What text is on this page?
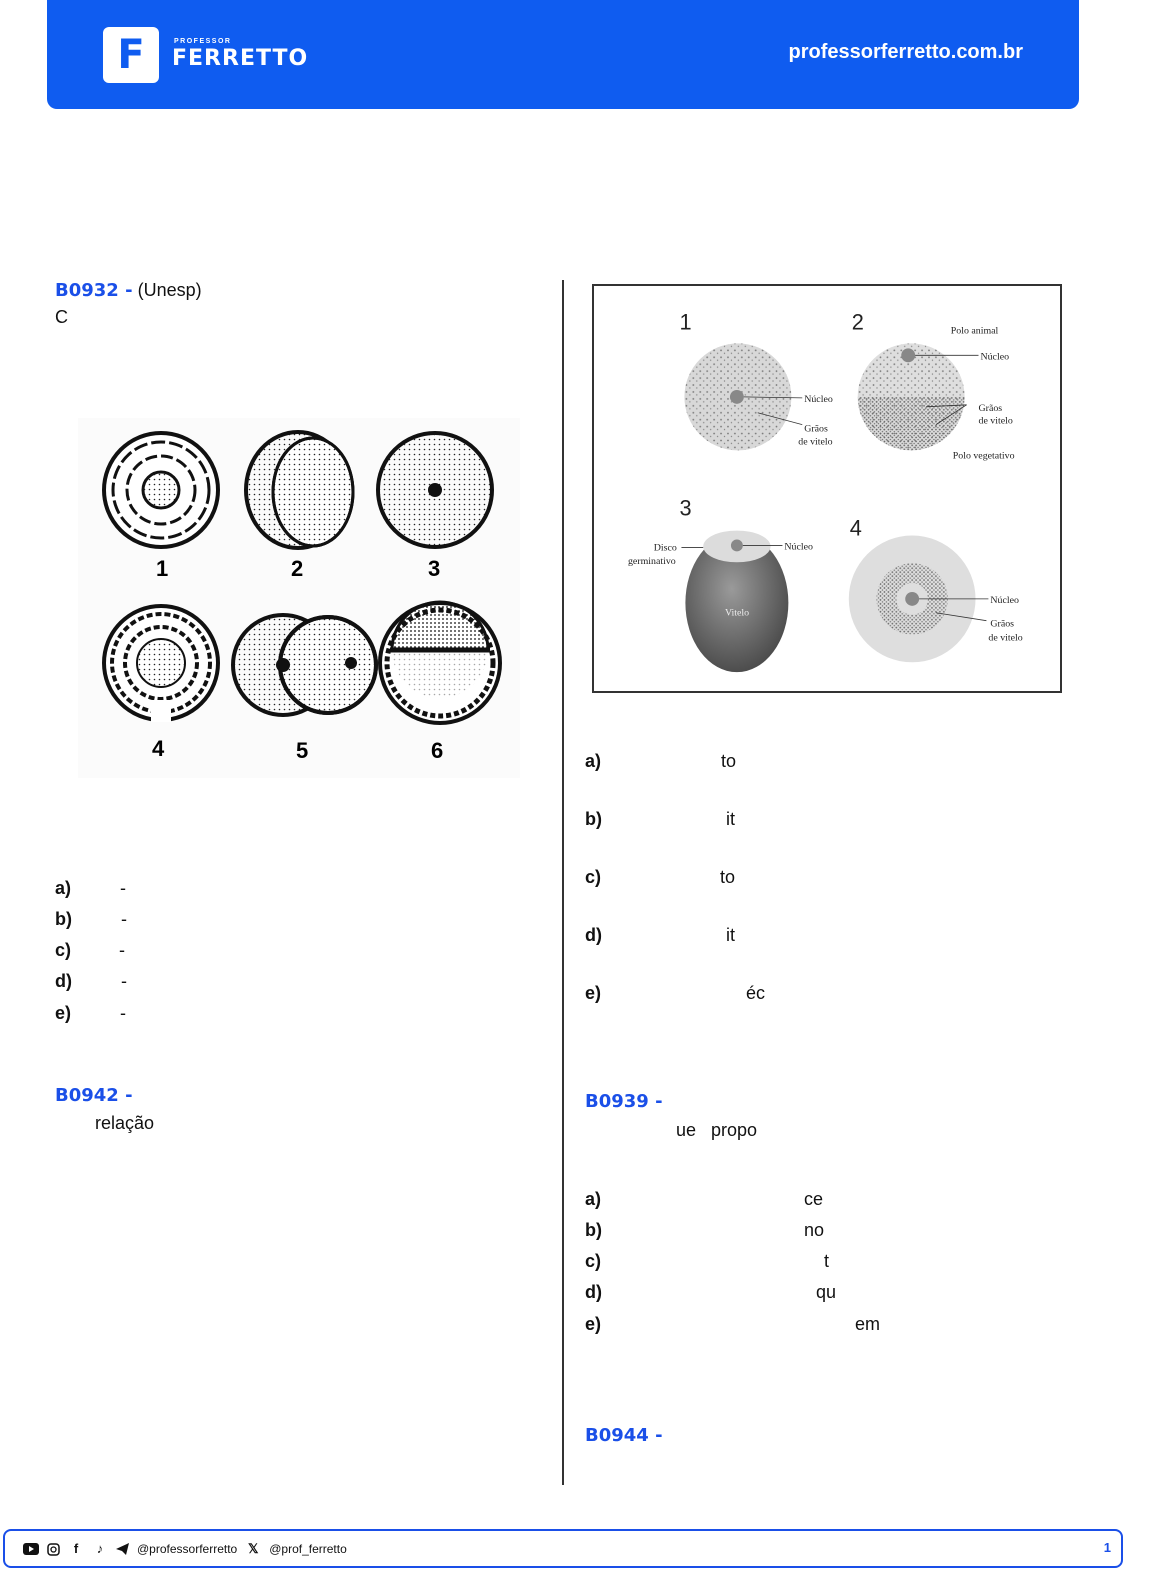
F	PROFESSOR
FERRETTO	professorferretto.com.br
B0932 - (Unesp)
C
1	2	3
4	5	6
a)	-
b)	-
c)	-
d)	-
e)	-
B0942 -
relação
1
Núcleo
Grãos
de vitelo
2	Polo animal
Núcleo
Grãos
de vitelo
Polo vegetativo
3
Núcleo
Disco
germinativo
Vitelo
4
Núcleo
Grãos
de vitelo
a)	to
b)	it
c)	to
d)	it
e)	éc
B0939 -
ue   propo
a)	ce
b)	no
c)	t
d)	qu
e)	em
B0944 -
f	♪	@professorferretto 𝕏 @prof_ferretto	1
